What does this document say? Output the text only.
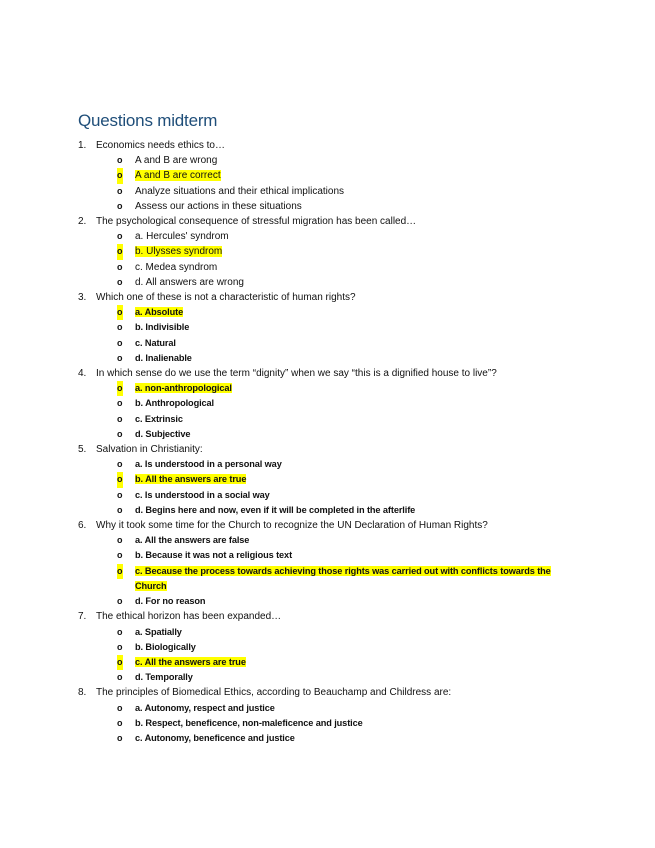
Questions midterm
1. Economics needs ethics to…
o A and B are wrong
o A and B are correct
o Analyze situations and their ethical implications
o Assess our actions in these situations
2. The psychological consequence of stressful migration has been called…
o a. Hercules' syndrom
o b. Ulysses syndrom
o c. Medea syndrom
o d. All answers are wrong
3. Which one of these is not a characteristic of human rights?
o a. Absolute
o b. Indivisible
o c. Natural
o d. Inalienable
4. In which sense do we use the term “dignity” when we say “this is a dignified house to live”?
o a. non-anthropological
o b. Anthropological
o c. Extrinsic
o d. Subjective
5. Salvation in Christianity:
o a. Is understood in a personal way
o b. All the answers are true
o c. Is understood in a social way
o d. Begins here and now, even if it will be completed in the afterlife
6. Why it took some time for the Church to recognize the UN Declaration of Human Rights?
o a. All the answers are false
o b. Because it was not a religious text
o c. Because the process towards achieving those rights was carried out with conflicts towards the Church
o d. For no reason
7. The ethical horizon has been expanded…
o a. Spatially
o b. Biologically
o c. All the answers are true
o d. Temporally
8. The principles of Biomedical Ethics, according to Beauchamp and Childress are:
o a. Autonomy, respect and justice
o b. Respect, beneficence, non-maleficence and justice
o c. Autonomy, beneficence and justice
